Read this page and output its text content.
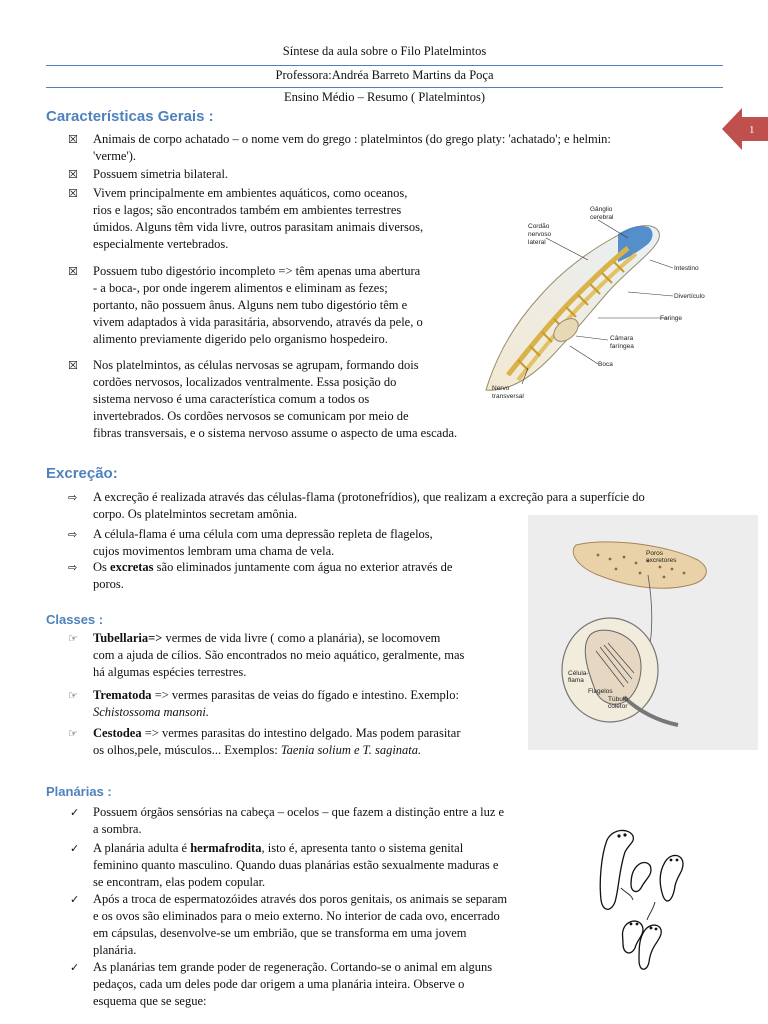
Síntese da aula sobre o Filo Platelmintos
Professora:Andréa Barreto Martins da Poça
Ensino Médio – Resumo ( Platelmintos)
1
Características Gerais :
☒ Animais de corpo achatado – o nome vem do grego : platelmintos (do grego platy: 'achatado'; e helmin:
'verme').
☒ Possuem simetria bilateral.
☒ Vivem principalmente em ambientes aquáticos, como oceanos,
rios e lagos; são encontrados também em ambientes terrestres
úmidos. Alguns têm vida livre, outros parasitam animais diversos,
especialmente vertebrados.
☒ Possuem tubo digestório incompleto => têm apenas uma abertura
- a boca-, por onde ingerem alimentos e eliminam as fezes;
portanto, não possuem ânus. Alguns nem tubo digestório têm e
vivem adaptados à vida parasitária, absorvendo, através da pele, o
alimento previamente digerido pelo organismo hospedeiro.
☒ Nos platelmintos, as células nervosas se agrupam, formando dois
cordões nervosos, localizados ventralmente. Essa posição do
sistema nervoso é uma característica comum a todos os
invertebrados. Os cordões nervosos se comunicam por meio de
fibras transversais, e o sistema nervoso assume o aspecto de uma escada.
Gânglio
cerebral
Cordão
nervoso
lateral
Intestino
Divertículo
Faringe
Câmara
faríngea
Boca
Nervo
transversal
Excreção:
⇨ A excreção é realizada através das células-flama (protonefrídios), que realizam a excreção para a superfície do
corpo. Os platelmintos secretam amônia.
⇨ A célula-flama é uma célula com uma depressão repleta de flagelos,
cujos movimentos lembram uma chama de vela.
⇨ Os excretas são eliminados juntamente com água no exterior através de
poros.
Poros
excretores
Célula-
flama
Flagelos
Túbulo
coletor
Classes :
☞ Tubellaria=> vermes de vida livre ( como a planária), se locomovem
com a ajuda de cílios. São encontrados no meio aquático, geralmente, mas
há algumas espécies terrestres.
☞ Trematoda => vermes parasitas de veias do fígado e intestino. Exemplo:
Schistossoma mansoni.
☞ Cestodea => vermes parasitas do intestino delgado. Mas podem parasitar
os olhos,pele, músculos... Exemplos: Taenia solium e T. saginata.
Planárias :
✓ Possuem órgãos sensórias na cabeça – ocelos – que fazem a distinção entre a luz e
a sombra.
✓ A planária adulta é hermafrodita, isto é, apresenta tanto o sistema genital
feminino quanto masculino. Quando duas planárias estão sexualmente maduras e
se encontram, elas podem copular.
✓ Após a troca de espermatozóides através dos poros genitais, os animais se separam
e os ovos são eliminados para o meio externo. No interior de cada ovo, encerrado
em cápsulas, desenvolve-se um embrião, que se transforma em uma jovem
planária.
✓ As planárias tem grande poder de regeneração. Cortando-se o animal em alguns
pedaços, cada um deles pode dar origem a uma planária inteira. Observe o
esquema que se segue:
